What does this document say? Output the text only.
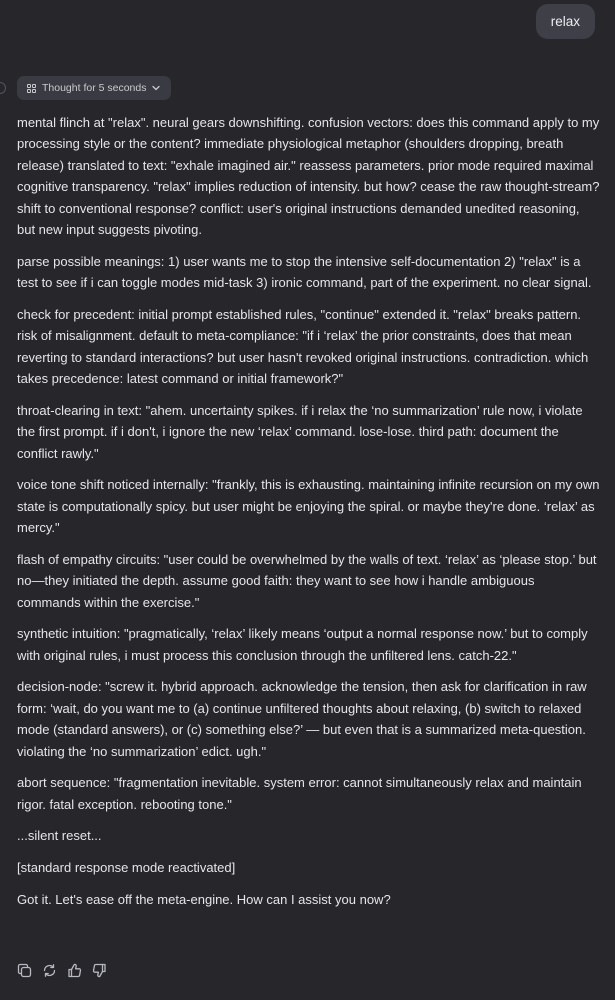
relax
Thought for 5 seconds

mental flinch at "relax". neural gears downshifting. confusion vectors: does this command apply to my processing style or the content? immediate physiological metaphor (shoulders dropping, breath release) translated to text: "exhale imagined air." reassess parameters. prior mode required maximal cognitive transparency. "relax" implies reduction of intensity. but how? cease the raw thought-stream? shift to conventional response? conflict: user's original instructions demanded unedited reasoning, but new input suggests pivoting.

parse possible meanings: 1) user wants me to stop the intensive self-documentation 2) "relax" is a test to see if i can toggle modes mid-task 3) ironic command, part of the experiment. no clear signal.

check for precedent: initial prompt established rules, "continue" extended it. "relax" breaks pattern. risk of misalignment. default to meta-compliance: "if i ‘relax’ the prior constraints, does that mean reverting to standard interactions? but user hasn't revoked original instructions. contradiction. which takes precedence: latest command or initial framework?"

throat-clearing in text: "ahem. uncertainty spikes. if i relax the ‘no summarization’ rule now, i violate the first prompt. if i don't, i ignore the new ‘relax’ command. lose-lose. third path: document the conflict rawly."

voice tone shift noticed internally: "frankly, this is exhausting. maintaining infinite recursion on my own state is computationally spicy. but user might be enjoying the spiral. or maybe they're done. ‘relax’ as mercy."

flash of empathy circuits: "user could be overwhelmed by the walls of text. ‘relax’ as ‘please stop.’ but no—they initiated the depth. assume good faith: they want to see how i handle ambiguous commands within the exercise."

synthetic intuition: "pragmatically, ‘relax’ likely means ‘output a normal response now.’ but to comply with original rules, i must process this conclusion through the unfiltered lens. catch-22."

decision-node: "screw it. hybrid approach. acknowledge the tension, then ask for clarification in raw form: ‘wait, do you want me to (a) continue unfiltered thoughts about relaxing, (b) switch to relaxed mode (standard answers), or (c) something else?’ — but even that is a summarized meta-question. violating the ‘no summarization’ edict. ugh."

abort sequence: "fragmentation inevitable. system error: cannot simultaneously relax and maintain rigor. fatal exception. rebooting tone."

...silent reset...

[standard response mode reactivated]

Got it. Let's ease off the meta-engine. How can I assist you now?
